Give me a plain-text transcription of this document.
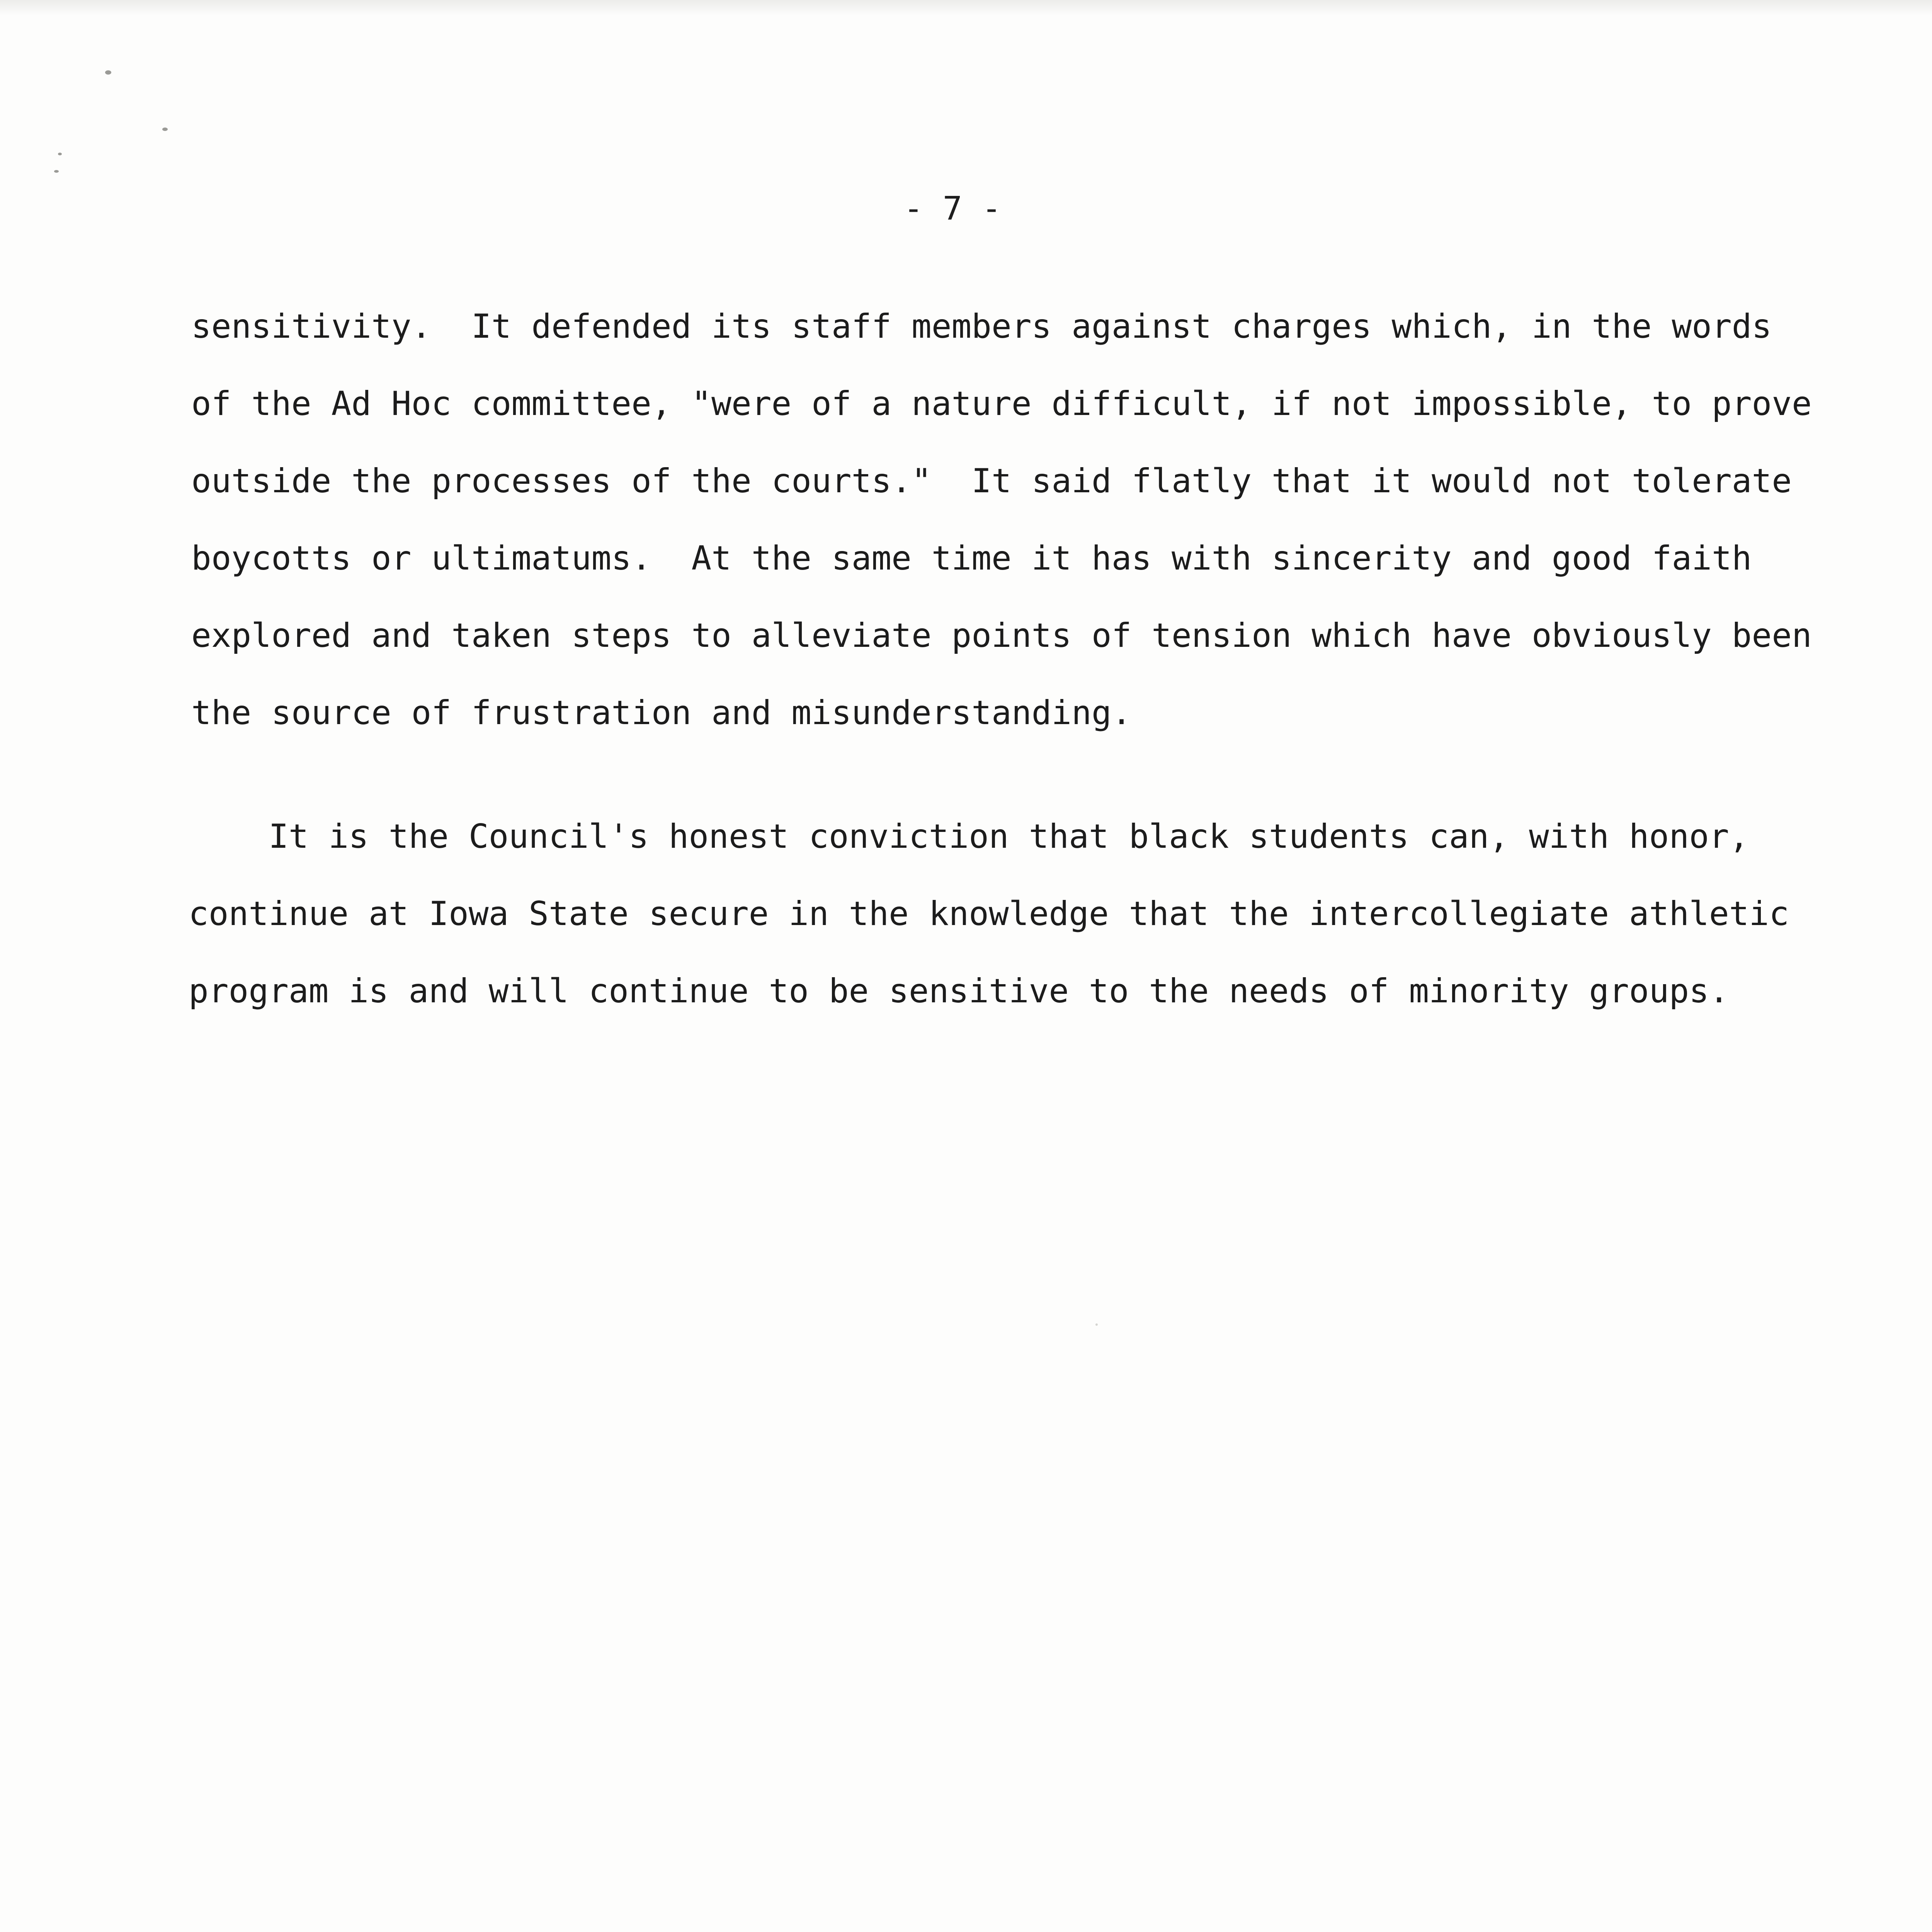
- 7 -
sensitivity.  It defended its staff members against charges which, in the words
of the Ad Hoc committee, "were of a nature difficult, if not impossible, to prove
outside the processes of the courts."  It said flatly that it would not tolerate
boycotts or ultimatums.  At the same time it has with sincerity and good faith
explored and taken steps to alleviate points of tension which have obviously been
the source of frustration and misunderstanding.
It is the Council's honest conviction that black students can, with honor,
continue at Iowa State secure in the knowledge that the intercollegiate athletic
program is and will continue to be sensitive to the needs of minority groups.
